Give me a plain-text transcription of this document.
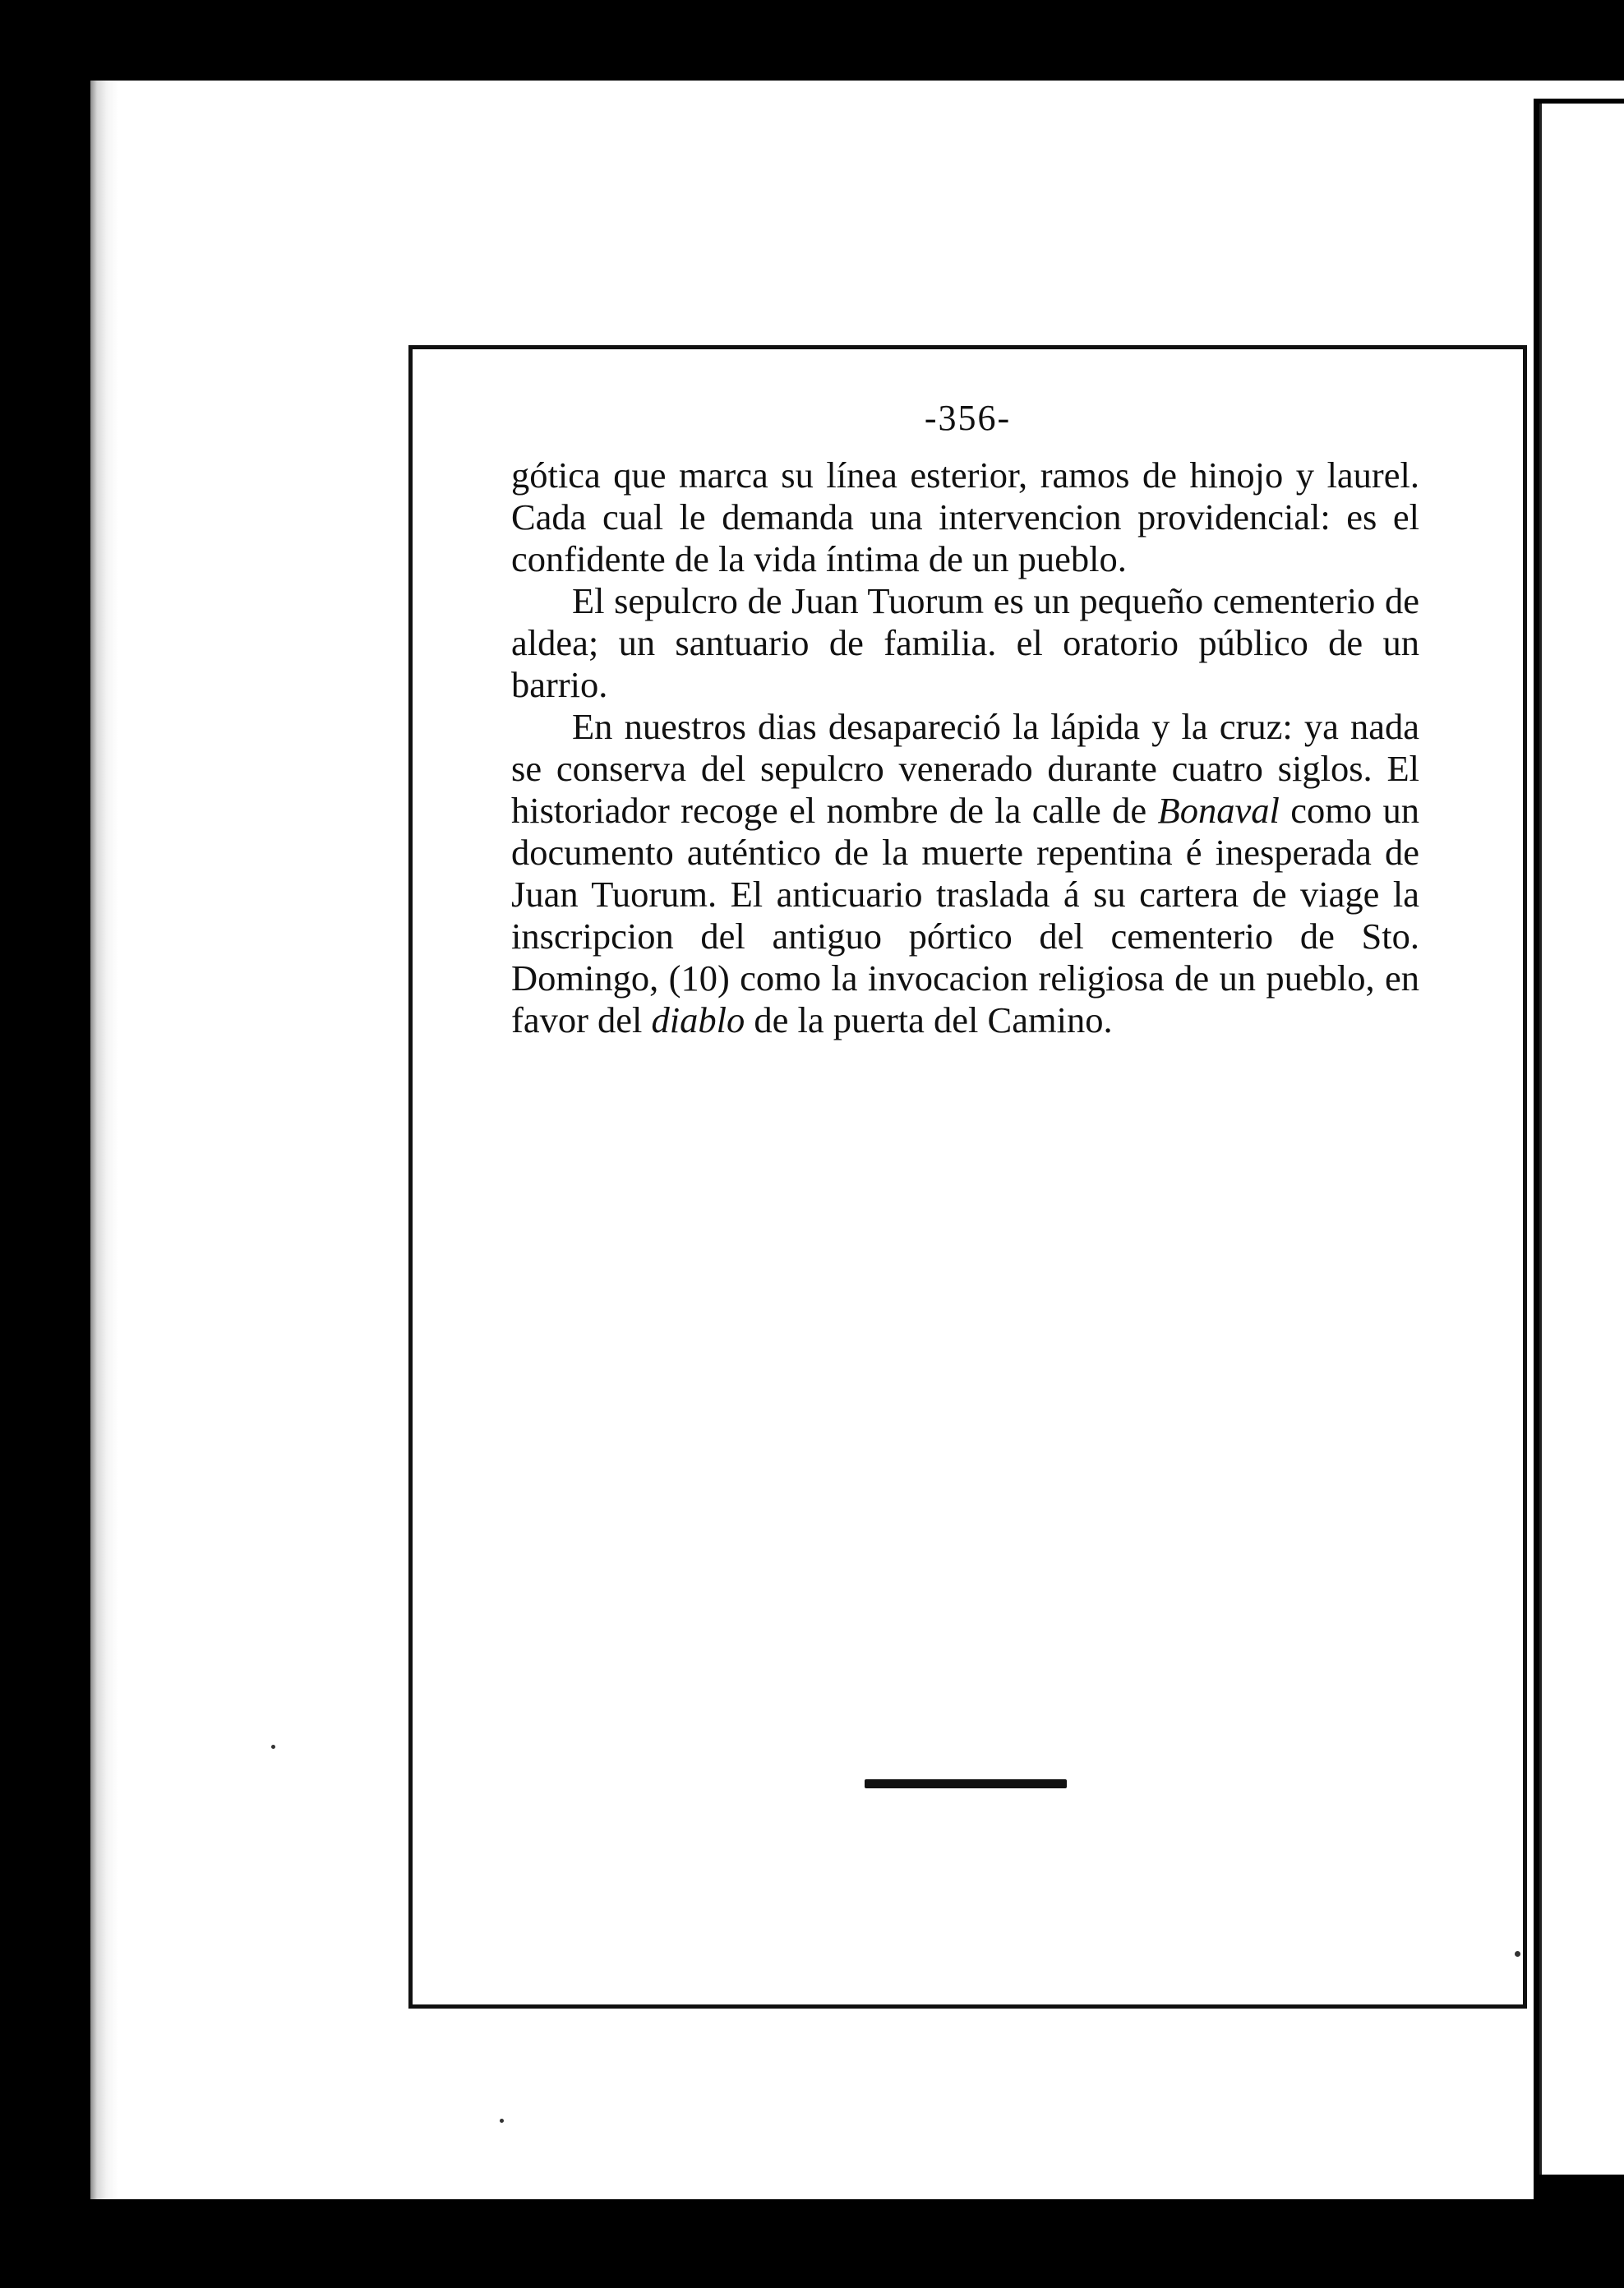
-356-

gótica que marca su línea esterior, ramos de hinojo y laurel. Cada cual le demanda una intervencion providencial: es el confidente de la vida íntima de un pueblo.

El sepulcro de Juan Tuorum es un pequeño cementerio de aldea; un santuario de familia. el oratorio público de un barrio.

En nuestros dias desapareció la lápida y la cruz: ya nada se conserva del sepulcro venerado durante cuatro siglos. El historiador recoge el nombre de la calle de Bonaval como un documento auténtico de la muerte repentina é inesperada de Juan Tuorum. El anticuario traslada á su cartera de viage la inscripcion del antiguo pórtico del cementerio de Sto. Domingo, (10) como la invocacion religiosa de un pueblo, en favor del diablo de la puerta del Camino.
